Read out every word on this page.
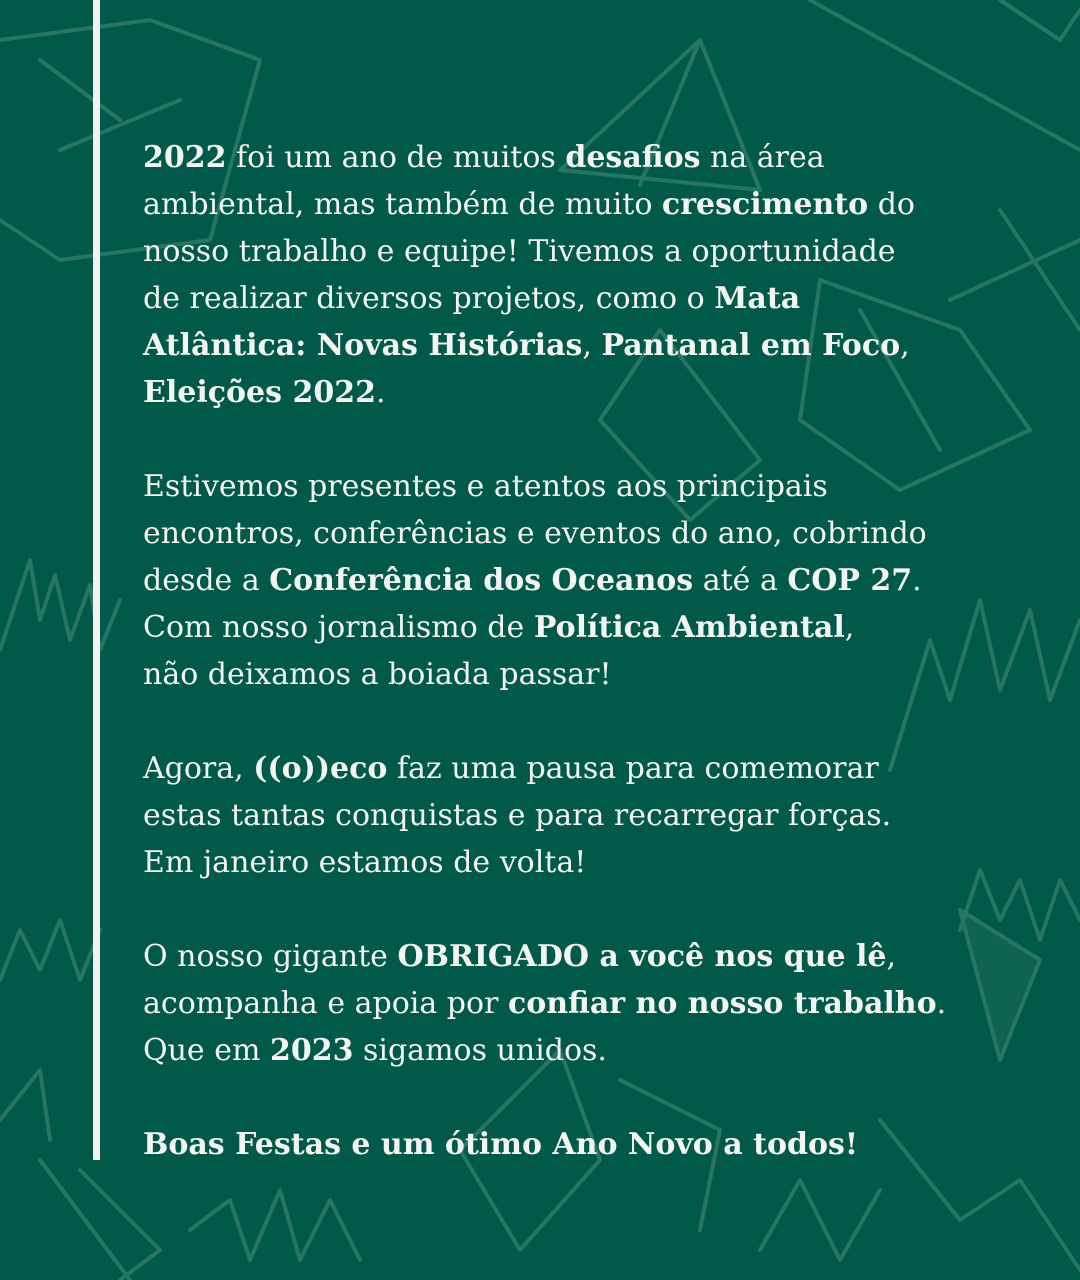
2022 foi um ano de muitos desafios na área
ambiental, mas também de muito crescimento do
nosso trabalho e equipe! Tivemos a oportunidade
de realizar diversos projetos, como o Mata
Atlântica: Novas Histórias, Pantanal em Foco,
Eleições 2022.

Estivemos presentes e atentos aos principais
encontros, conferências e eventos do ano, cobrindo
desde a Conferência dos Oceanos até a COP 27.
Com nosso jornalismo de Política Ambiental,
não deixamos a boiada passar!

Agora, ((o))eco faz uma pausa para comemorar
estas tantas conquistas e para recarregar forças.
Em janeiro estamos de volta!

O nosso gigante OBRIGADO a você nos que lê,
acompanha e apoia por confiar no nosso trabalho.
Que em 2023 sigamos unidos.

Boas Festas e um ótimo Ano Novo a todos!
